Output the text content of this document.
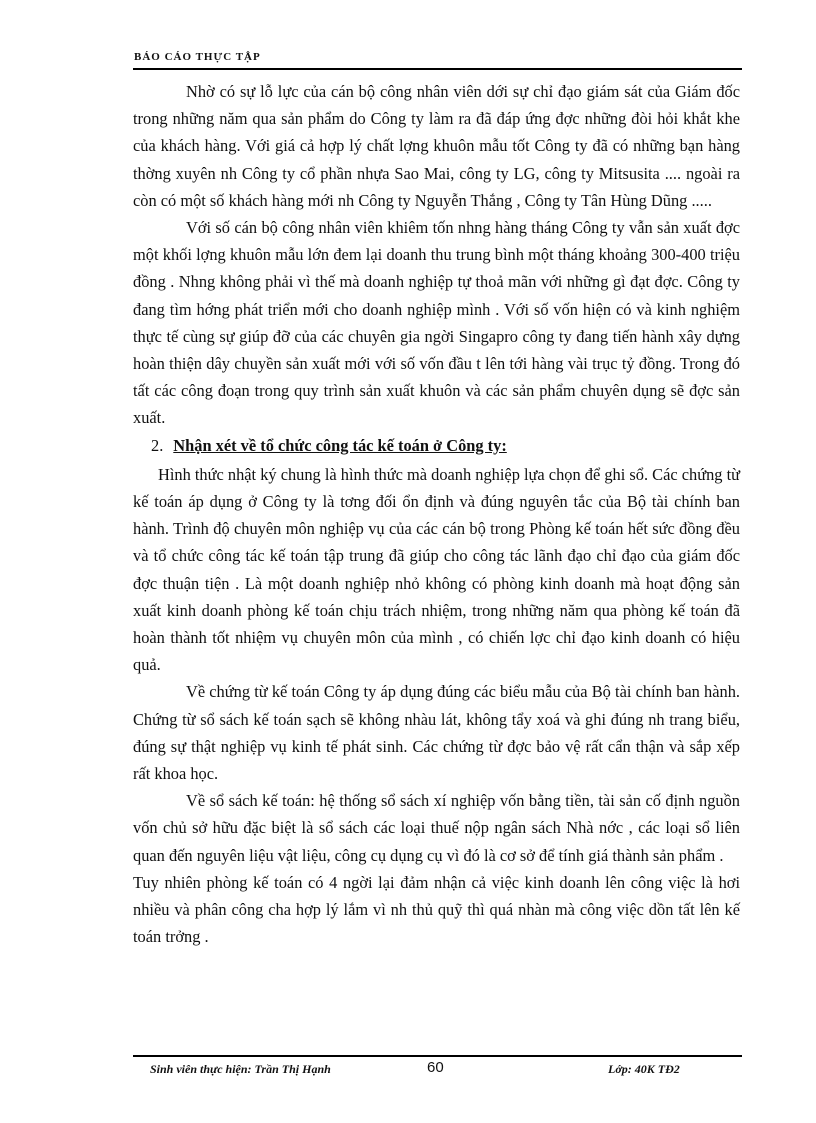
BÁO CÁO THỰC TẬP

Nhờ có sự lỗ lực của cán bộ công nhân viên dới sự chỉ đạo giám sát của Giám đốc trong những năm qua sản phẩm do Công ty làm ra đã đáp ứng đợc những đòi hỏi khắt khe của khách hàng. Với giá cả hợp lý chất lợng khuôn mẫu tốt Công ty đã có những bạn hàng thờng xuyên nh Công ty cổ phần nhựa Sao Mai, công ty LG, công ty Mitsusita .... ngoài ra còn có một số khách hàng mới nh Công ty Nguyễn Thắng , Công ty Tân Hùng Dũng .....

Với số cán bộ công nhân viên khiêm tốn nhng hàng tháng Công ty vẫn sản xuất đợc một khối lợng khuôn mẫu lớn đem lại doanh thu trung bình một tháng khoảng 300-400 triệu đồng . Nhng không phải vì thế mà doanh nghiệp tự thoả mãn với những gì đạt đợc. Công ty đang tìm hớng phát triển mới cho doanh nghiệp mình . Với số vốn hiện có và kinh nghiệm thực tế cùng sự giúp đỡ của các chuyên gia ngời Singapro công ty đang tiến hành xây dựng hoàn thiện dây chuyền sản xuất mới với số vốn đầu t lên tới hàng vài trục tỷ đồng. Trong đó tất các công đoạn trong quy trình sản xuất khuôn và các sản phẩm chuyên dụng sẽ đợc sản xuất.

2. Nhận xét về tổ chức công tác kế toán ở Công ty:

Hình thức nhật ký chung là hình thức mà doanh nghiệp lựa chọn để ghi sổ. Các chứng từ kế toán áp dụng ở Công ty là tơng đối ổn định và đúng nguyên tắc của Bộ tài chính ban hành. Trình độ chuyên môn nghiệp vụ của các cán bộ trong Phòng kế toán hết sức đồng đều và tổ chức công tác kế toán tập trung đã giúp cho công tác lãnh đạo chỉ đạo của giám đốc đợc thuận tiện . Là một doanh nghiệp nhỏ không có phòng kinh doanh mà hoạt động sản xuất kinh doanh phòng kế toán chịu trách nhiệm, trong những năm qua phòng kế toán đã hoàn thành tốt nhiệm vụ chuyên môn của mình , có chiến lợc chỉ đạo kinh doanh có hiệu quả.

Về chứng từ kế toán Công ty áp dụng đúng các biểu mẫu của Bộ tài chính ban hành. Chứng từ sổ sách kế toán sạch sẽ không nhàu lát, không tẩy xoá và ghi đúng nh trang biểu, đúng sự thật nghiệp vụ kinh tế phát sinh. Các chứng từ đợc bảo vệ rất cẩn thận và sắp xếp rất khoa học.

Về sổ sách kế toán: hệ thống sổ sách xí nghiệp vốn bằng tiền, tài sản cố định nguồn vốn chủ sở hữu đặc biệt là sổ sách các loại thuế nộp ngân sách Nhà nớc , các loại sổ liên quan đến nguyên liệu vật liệu, công cụ dụng cụ vì đó là cơ sở để tính giá thành sản phẩm .

Tuy nhiên phòng kế toán có 4 ngời lại đảm nhận cả việc kinh doanh lên công việc là hơi nhiều và phân công cha hợp lý lắm vì nh thủ quỹ thì quá nhàn mà công việc dồn tất lên kế toán trởng .

Sinh viên thực hiện: Trần Thị Hạnh	60	Lớp: 40K TĐ2
